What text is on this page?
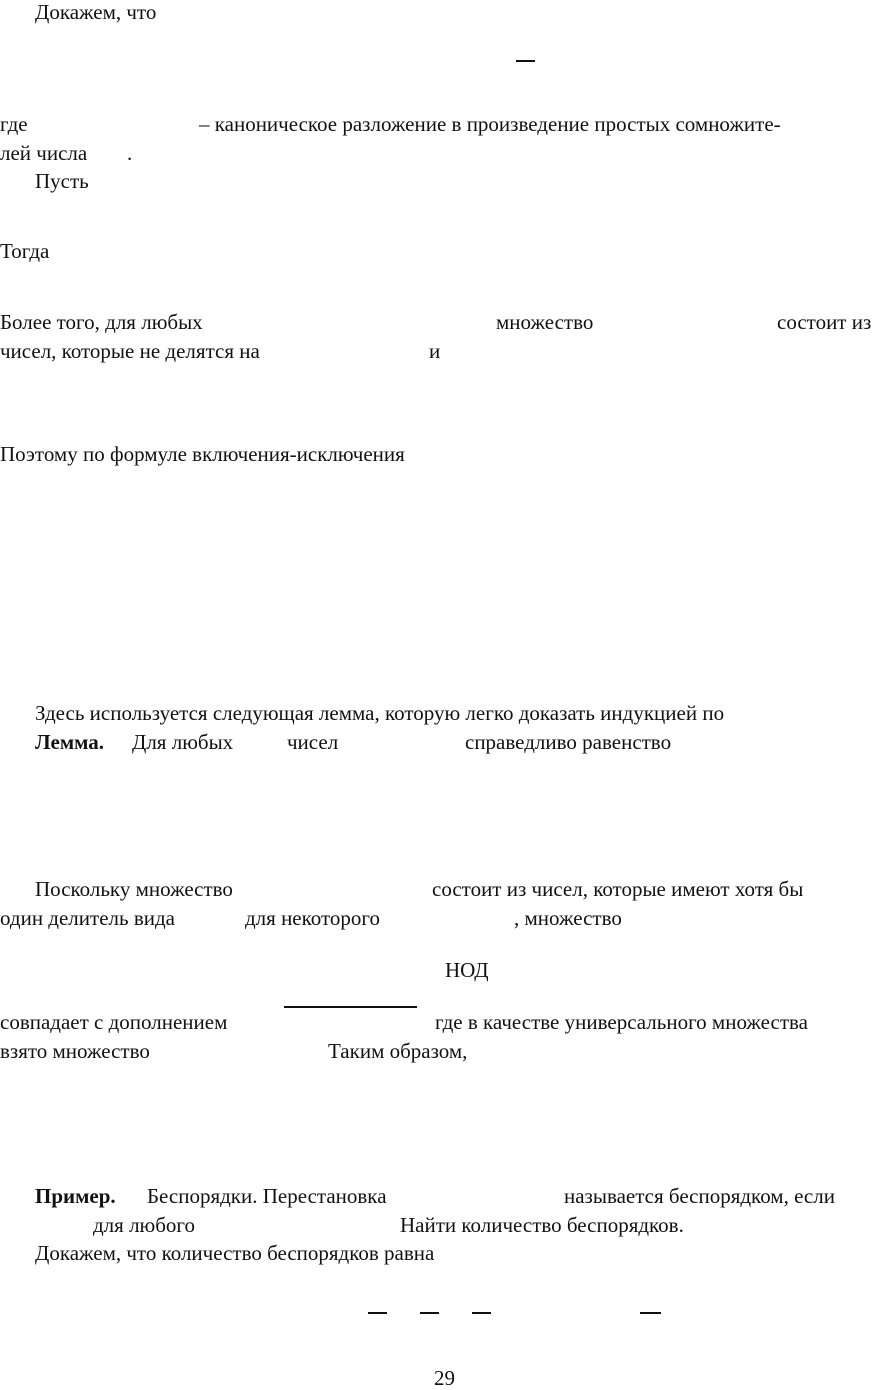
Докажем, что
где	– каноническое разложение в произведение простых сомножите-
лей числа .
Пусть
Тогда
Более того, для любых	множество	состоит из
чисел, которые не делятся на	и
Поэтому по формуле включения-исключения
Здесь используется следующая лемма, которую легко доказать индукцией по
Лемма. Для любых	чисел	справедливо равенство
Поскольку множество	состоит из чисел, которые имеют хотя бы
один делитель вида	для некоторого	, множество
НОД
совпадает с дополнением	где в качестве универсального множества
взято множество	Таким образом,
Пример. Беспорядки. Перестановка	называется беспорядком, если
для любого	Найти количество беспорядков.
Докажем, что количество беспорядков равна
29
